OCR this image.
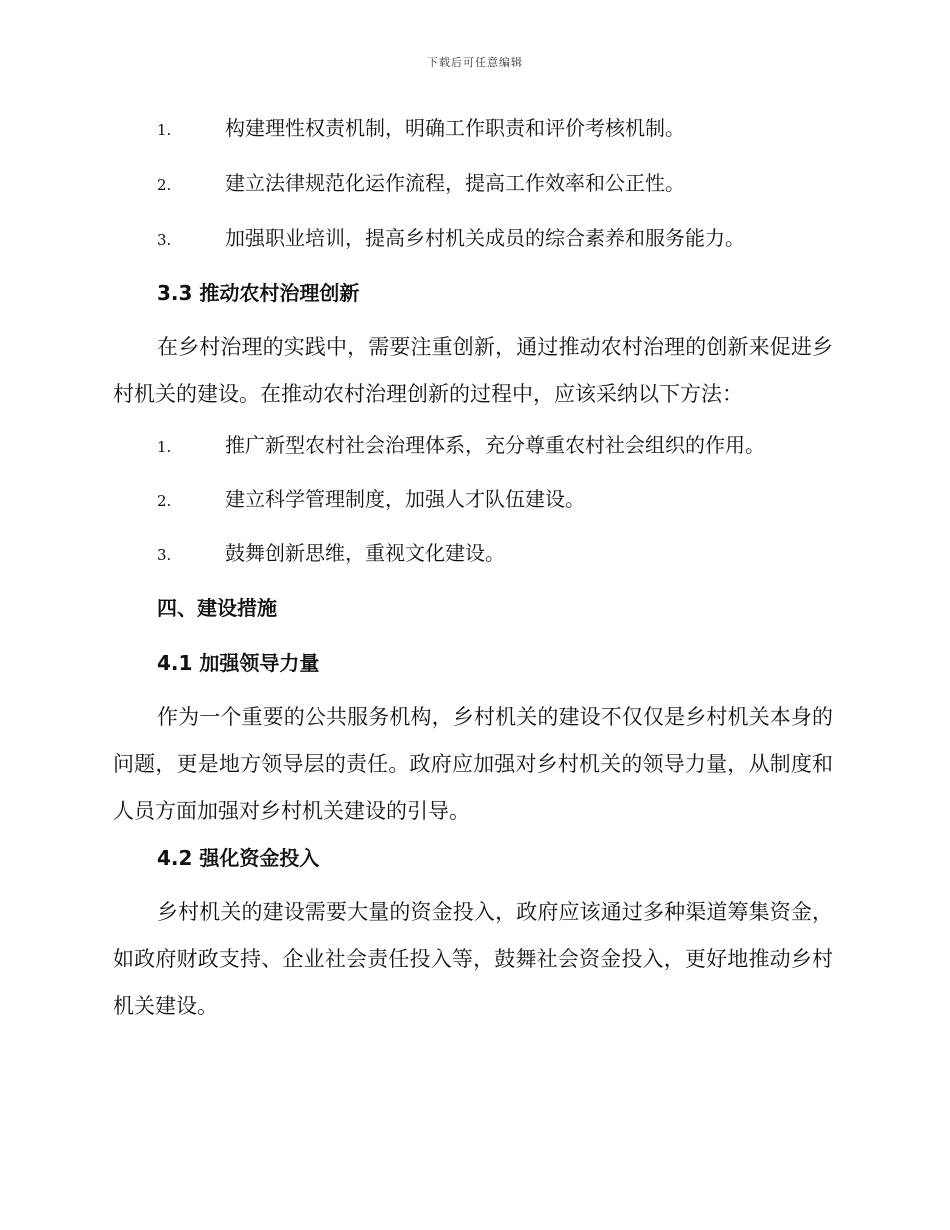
下载后可任意编辑
1.	构建理性权责机制，明确工作职责和评价考核机制。
2.	建立法律规范化运作流程，提高工作效率和公正性。
3.	加强职业培训，提高乡村机关成员的综合素养和服务能力。
3.3 推动农村治理创新
在乡村治理的实践中，需要注重创新，通过推动农村治理的创新来促进乡村机关的建设。在推动农村治理创新的过程中，应该采纳以下方法：
1.	推广新型农村社会治理体系，充分尊重农村社会组织的作用。
2.	建立科学管理制度，加强人才队伍建设。
3.	鼓舞创新思维，重视文化建设。
四、建设措施
4.1 加强领导力量
作为一个重要的公共服务机构，乡村机关的建设不仅仅是乡村机关本身的问题，更是地方领导层的责任。政府应加强对乡村机关的领导力量，从制度和人员方面加强对乡村机关建设的引导。
4.2 强化资金投入
乡村机关的建设需要大量的资金投入，政府应该通过多种渠道筹集资金，如政府财政支持、企业社会责任投入等，鼓舞社会资金投入，更好地推动乡村机关建设。
